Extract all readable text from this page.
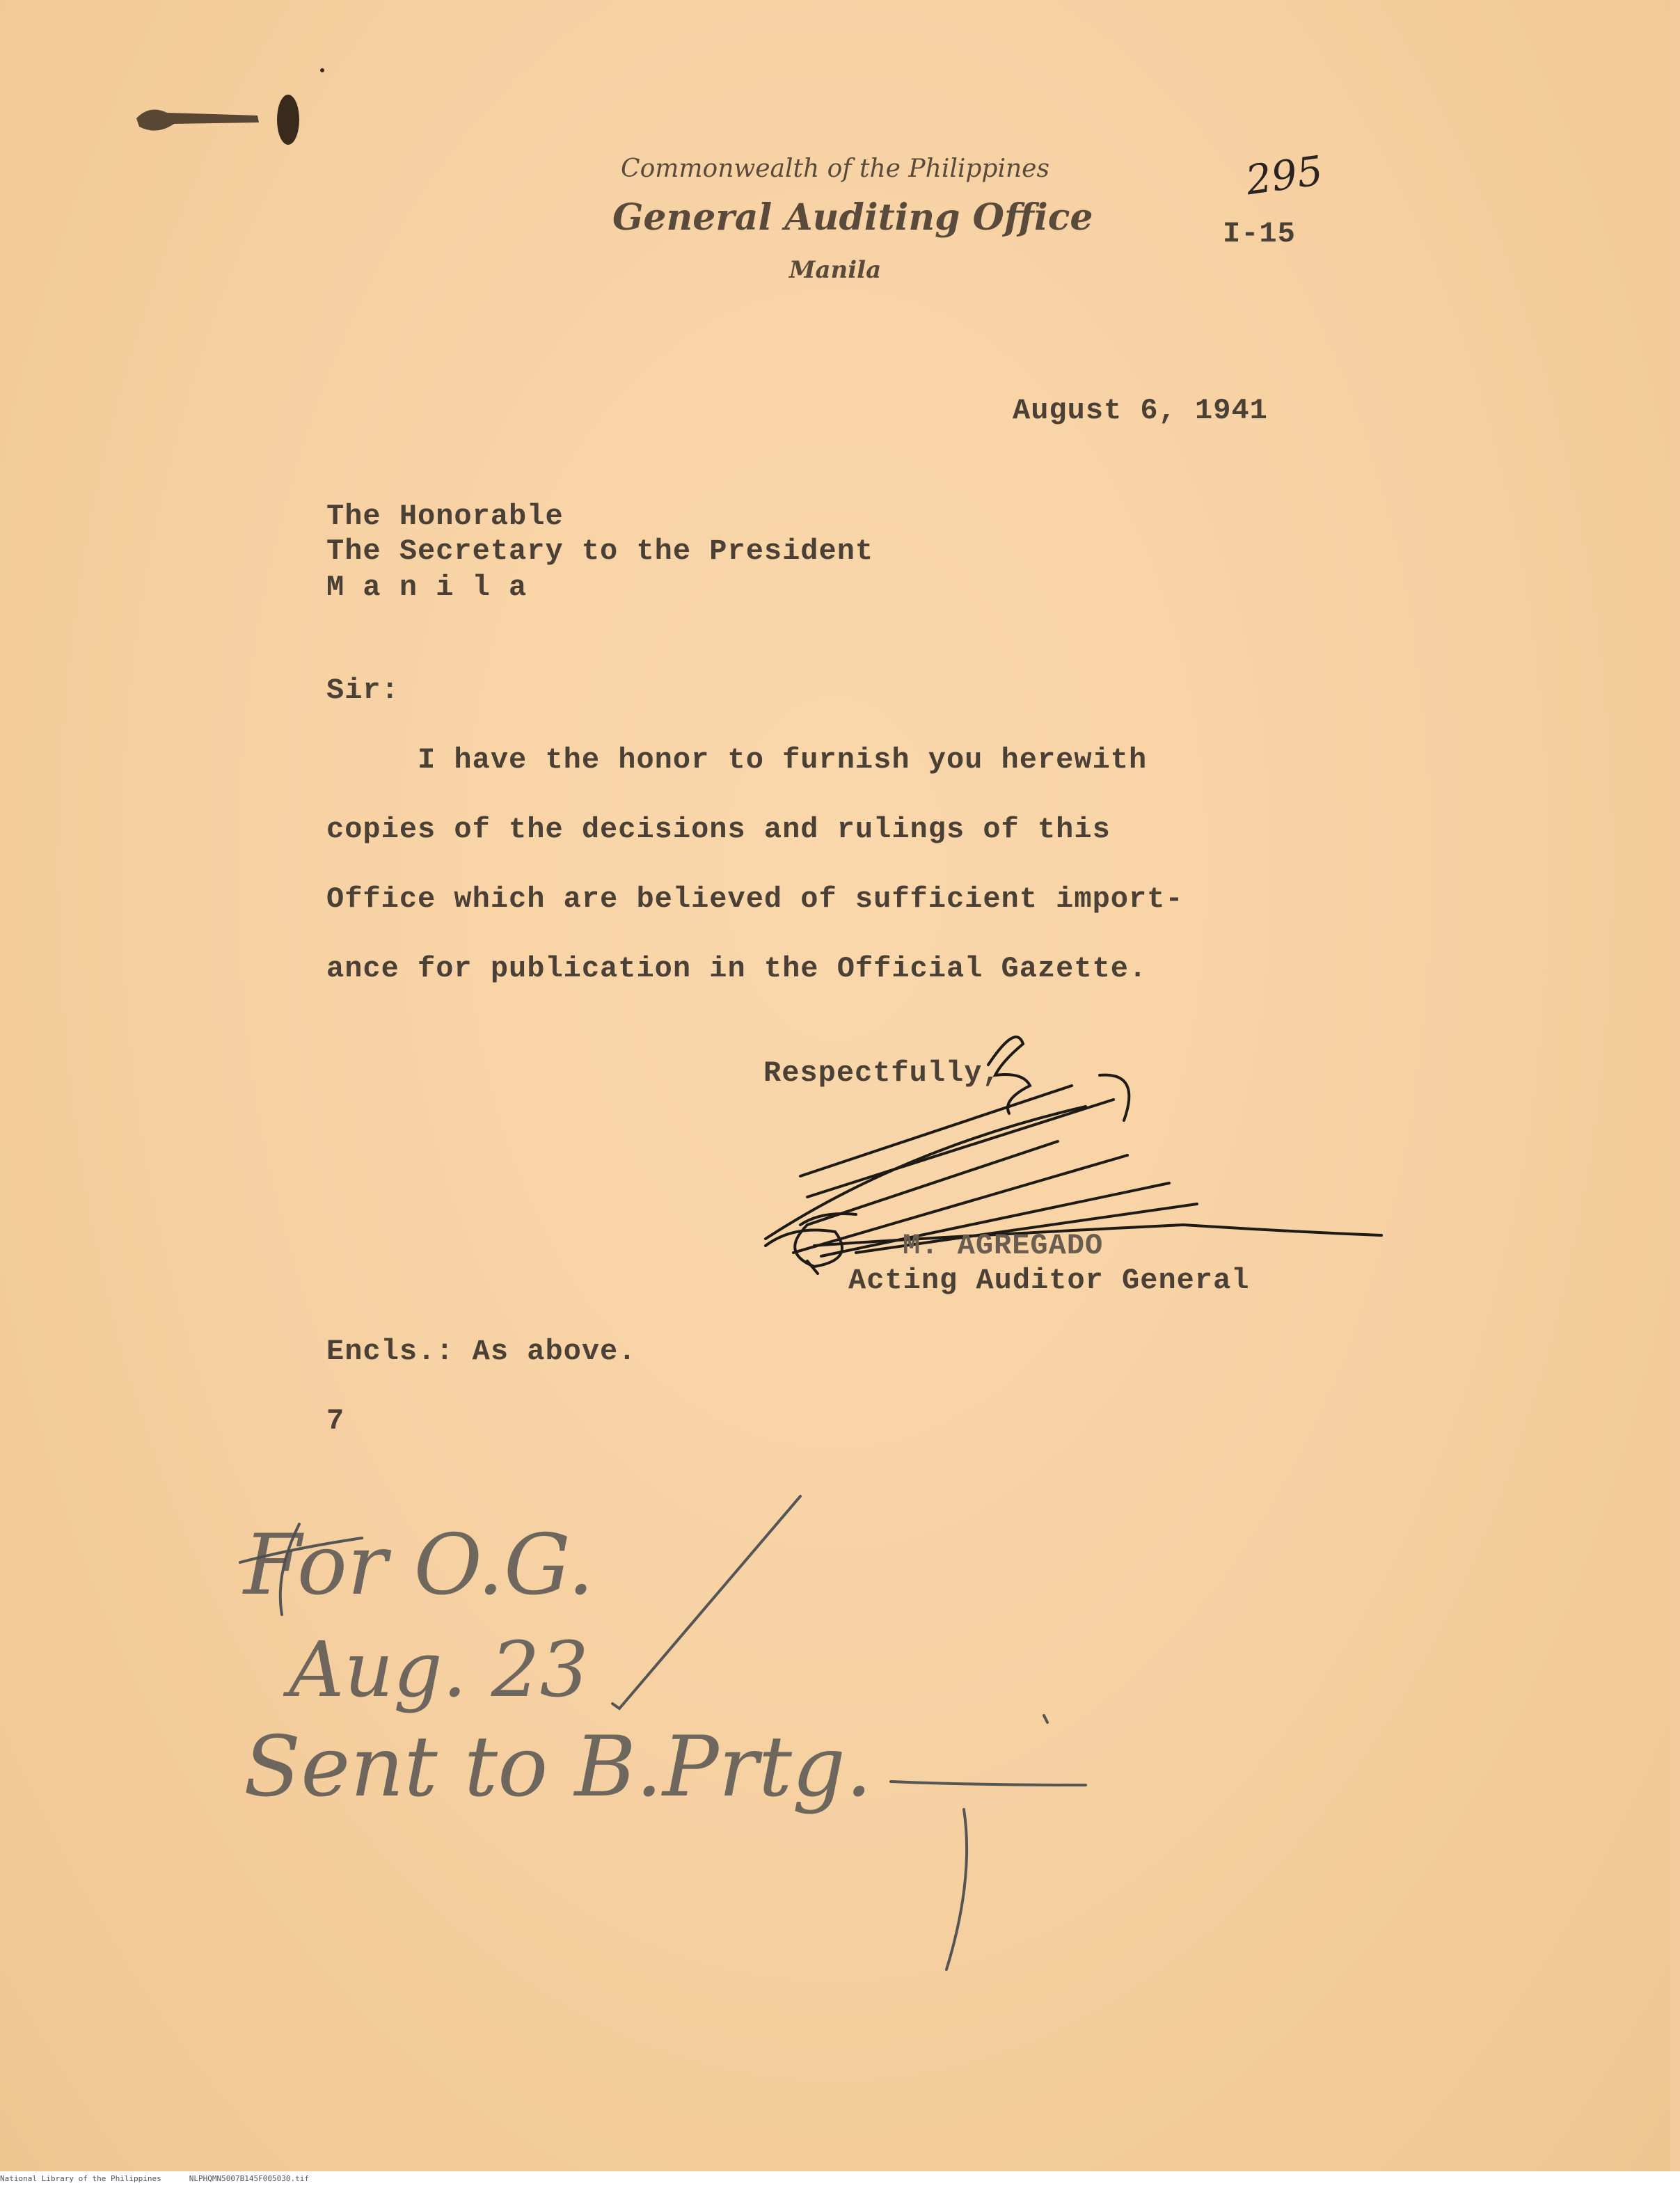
Commonwealth of the Philippines
General Auditing Office
Manila
295
I-15
August 6, 1941
The Honorable
The Secretary to the President
M a n i l a
Sir:
I have the honor to furnish you herewith
copies of the decisions and rulings of this
Office which are believed of sufficient import-
ance for publication in the Official Gazette.
Respectfully,
M. AGREGADO
Acting Auditor General
Encls.: As above.
7
For O.G.
Aug. 23
Sent to B.Prtg.
National Library of the Philippines	NLPHQMN5007B145F005030.tif
